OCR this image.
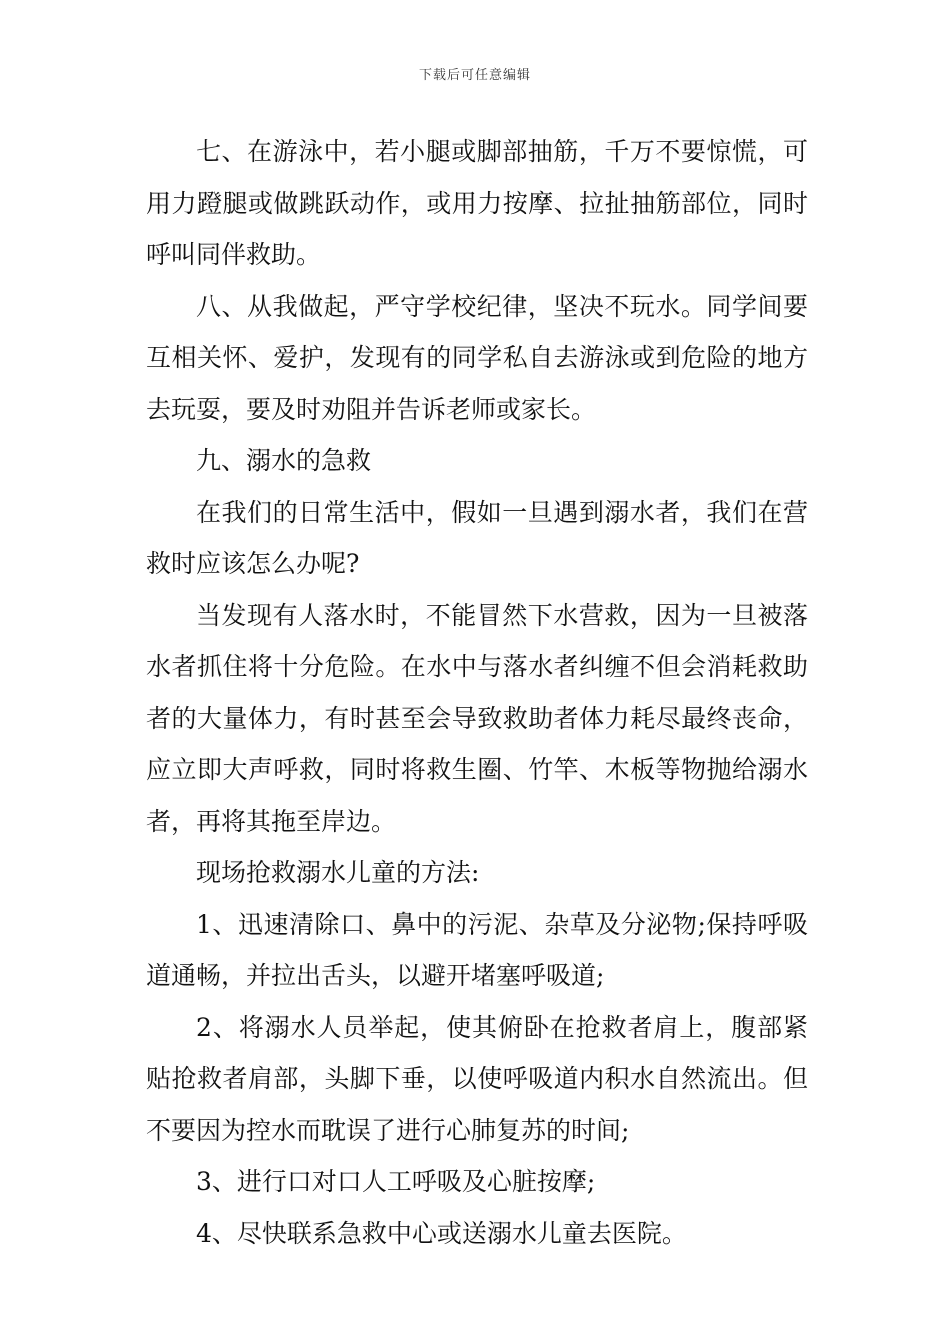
下载后可任意编辑

七、在游泳中，若小腿或脚部抽筋，千万不要惊慌，可用力蹬腿或做跳跃动作，或用力按摩、拉扯抽筋部位，同时呼叫同伴救助。

八、从我做起，严守学校纪律，坚决不玩水。同学间要互相关怀、爱护，发现有的同学私自去游泳或到危险的地方去玩耍，要及时劝阻并告诉老师或家长。

九、溺水的急救

在我们的日常生活中，假如一旦遇到溺水者，我们在营救时应该怎么办呢?

当发现有人落水时，不能冒然下水营救，因为一旦被落水者抓住将十分危险。在水中与落水者纠缠不但会消耗救助者的大量体力，有时甚至会导致救助者体力耗尽最终丧命，应立即大声呼救，同时将救生圈、竹竿、木板等物抛给溺水者，再将其拖至岸边。

现场抢救溺水儿童的方法:

1、迅速清除口、鼻中的污泥、杂草及分泌物;保持呼吸道通畅，并拉出舌头，以避开堵塞呼吸道;

2、将溺水人员举起，使其俯卧在抢救者肩上，腹部紧贴抢救者肩部，头脚下垂，以使呼吸道内积水自然流出。但不要因为控水而耽误了进行心肺复苏的时间;

3、进行口对口人工呼吸及心脏按摩;

4、尽快联系急救中心或送溺水儿童去医院。
